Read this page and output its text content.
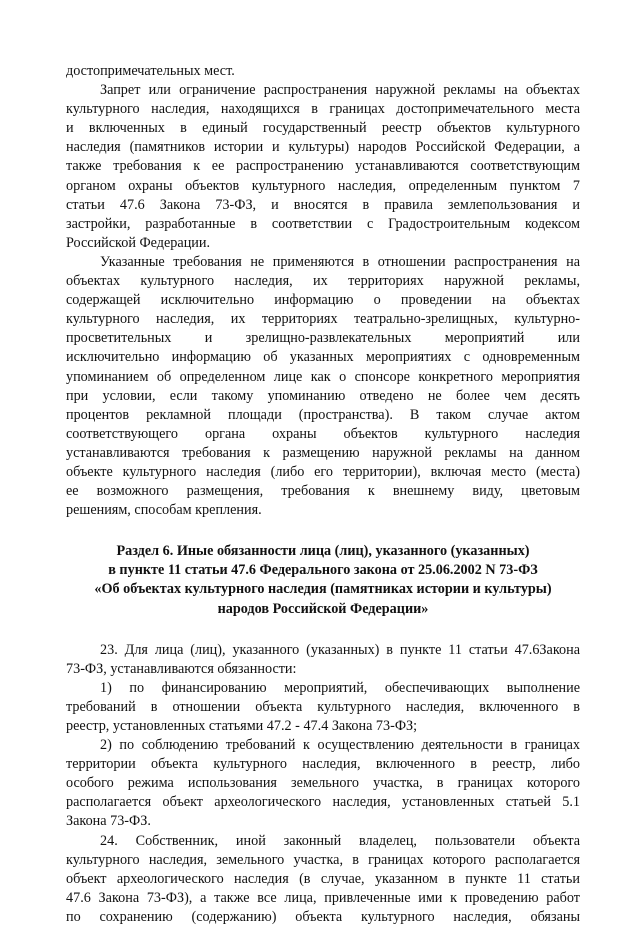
достопримечательных мест.
Запрет или ограничение распространения наружной рекламы на объектах
культурного наследия, находящихся в границах достопримечательного места
и включенных в единый государственный реестр объектов культурного
наследия (памятников истории и культуры) народов Российской Федерации, а
также требования к ее распространению устанавливаются соответствующим
органом охраны объектов культурного наследия, определенным пунктом 7
статьи 47.6 Закона 73-ФЗ, и вносятся в правила землепользования и
застройки, разработанные в соответствии с Градостроительным кодексом
Российской Федерации.
Указанные требования не применяются в отношении распространения на
объектах культурного наследия, их территориях наружной рекламы,
содержащей исключительно информацию о проведении на объектах
культурного наследия, их территориях театрально-зрелищных, культурно-
просветительных и зрелищно-развлекательных мероприятий или
исключительно информацию об указанных мероприятиях с одновременным
упоминанием об определенном лице как о спонсоре конкретного мероприятия
при условии, если такому упоминанию отведено не более чем десять
процентов рекламной площади (пространства). В таком случае актом
соответствующего органа охраны объектов культурного наследия
устанавливаются требования к размещению наружной рекламы на данном
объекте культурного наследия (либо его территории), включая место (места)
ее возможного размещения, требования к внешнему виду, цветовым
решениям, способам крепления.
Раздел 6. Иные обязанности лица (лиц), указанного (указанных)
в пункте 11 статьи 47.6 Федерального закона от 25.06.2002 N 73-ФЗ
«Об объектах культурного наследия (памятниках истории и культуры)
народов Российской Федерации»
23. Для лица (лиц), указанного (указанных) в пункте 11 статьи 47.6Закона
73-ФЗ, устанавливаются обязанности:
1) по финансированию мероприятий, обеспечивающих выполнение
требований в отношении объекта культурного наследия, включенного в
реестр, установленных статьями 47.2 - 47.4 Закона 73-ФЗ;
2) по соблюдению требований к осуществлению деятельности в границах
территории объекта культурного наследия, включенного в реестр, либо
особого режима использования земельного участка, в границах которого
располагается объект археологического наследия, установленных статьей 5.1
Закона 73-ФЗ.
24. Собственник, иной законный владелец, пользователи объекта
культурного наследия, земельного участка, в границах которого располагается
объект археологического наследия (в случае, указанном в пункте 11 статьи
47.6 Закона 73-ФЗ), а также все лица, привлеченные ими к проведению работ
по сохранению (содержанию) объекта культурного наследия, обязаны
